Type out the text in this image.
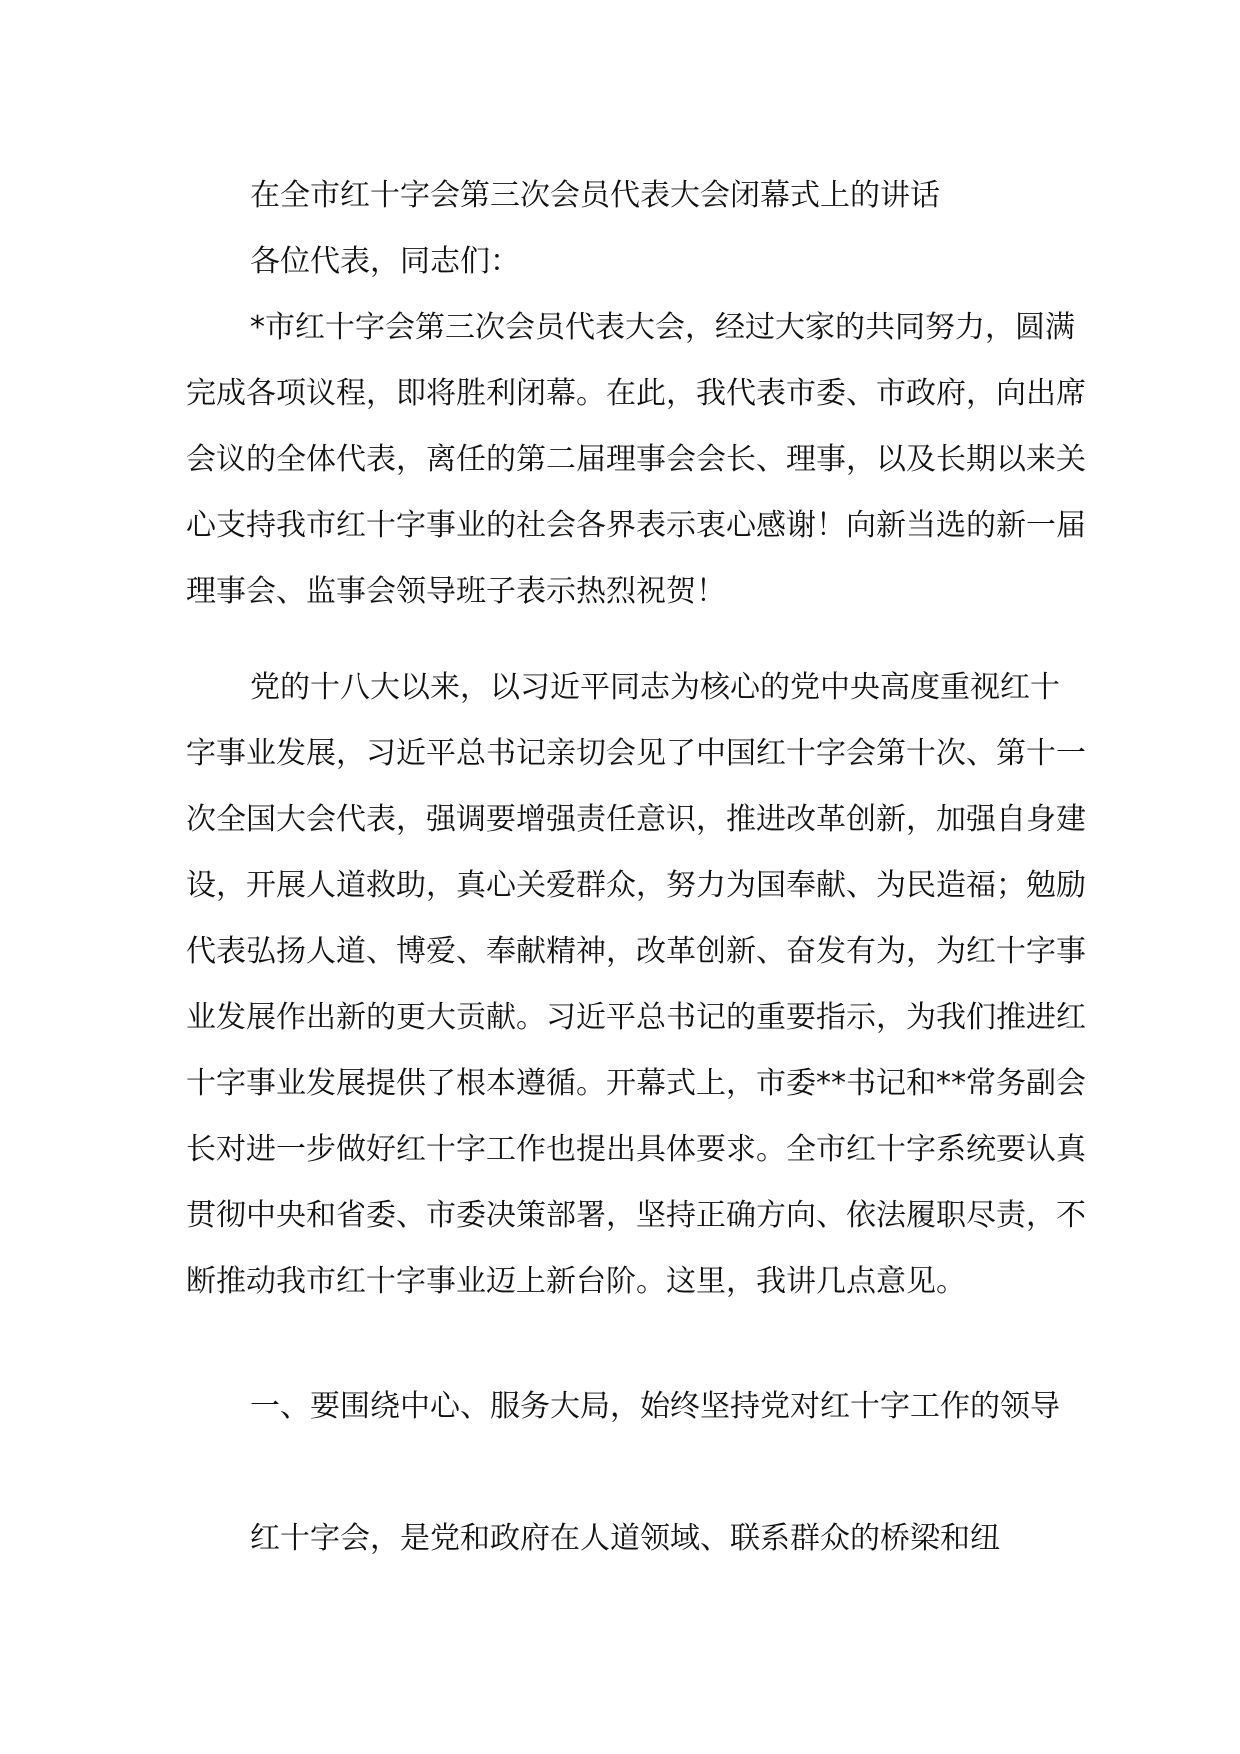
在全市红十字会第三次会员代表大会闭幕式上的讲话

各位代表，同志们：

*市红十字会第三次会员代表大会，经过大家的共同努力，圆满完成各项议程，即将胜利闭幕。在此，我代表市委、市政府，向出席会议的全体代表，离任的第二届理事会会长、理事，以及长期以来关心支持我市红十字事业的社会各界表示衷心感谢！向新当选的新一届理事会、监事会领导班子表示热烈祝贺！

党的十八大以来，以习近平同志为核心的党中央高度重视红十字事业发展，习近平总书记亲切会见了中国红十字会第十次、第十一次全国大会代表，强调要增强责任意识，推进改革创新，加强自身建设，开展人道救助，真心关爱群众，努力为国奉献、为民造福；勉励代表弘扬人道、博爱、奉献精神，改革创新、奋发有为，为红十字事业发展作出新的更大贡献。习近平总书记的重要指示，为我们推进红十字事业发展提供了根本遵循。开幕式上，市委**书记和**常务副会长对进一步做好红十字工作也提出具体要求。全市红十字系统要认真贯彻中央和省委、市委决策部署，坚持正确方向、依法履职尽责，不断推动我市红十字事业迈上新台阶。这里，我讲几点意见。

一、要围绕中心、服务大局，始终坚持党对红十字工作的领导

红十字会，是党和政府在人道领域、联系群众的桥梁和纽
